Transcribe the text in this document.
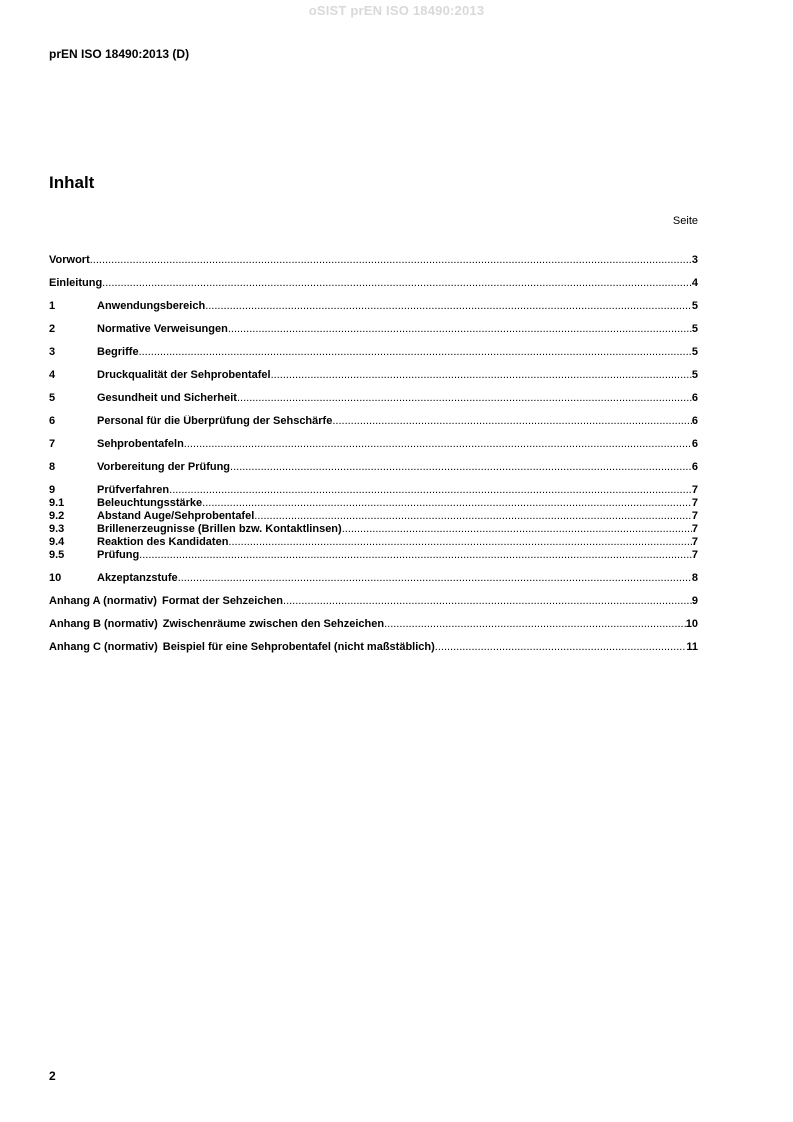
oSIST prEN ISO 18490:2013
prEN ISO 18490:2013 (D)
Inhalt
Seite
Vorwort .....	3
Einleitung .....	4
1	Anwendungsbereich .....	5
2	Normative Verweisungen .....	5
3	Begriffe .....	5
4	Druckqualität der Sehprobentafel .....	5
5	Gesundheit und Sicherheit .....	6
6	Personal für die Überprüfung der Sehschärfe .....	6
7	Sehprobentafeln .....	6
8	Vorbereitung der Prüfung .....	6
9	Prüfverfahren .....	7
9.1	Beleuchtungsstärke .....	7
9.2	Abstand Auge/Sehprobentafel .....	7
9.3	Brillenerzeugnisse (Brillen bzw. Kontaktlinsen) .....	7
9.4	Reaktion des Kandidaten .....	7
9.5	Prüfung .....	7
10	Akzeptanzstufe .....	8
Anhang A (normativ) Format der Sehzeichen .....	9
Anhang B (normativ) Zwischenräume zwischen den Sehzeichen .....	10
Anhang C (normativ) Beispiel für eine Sehprobentafel (nicht maßstäblich) .....	11
2
